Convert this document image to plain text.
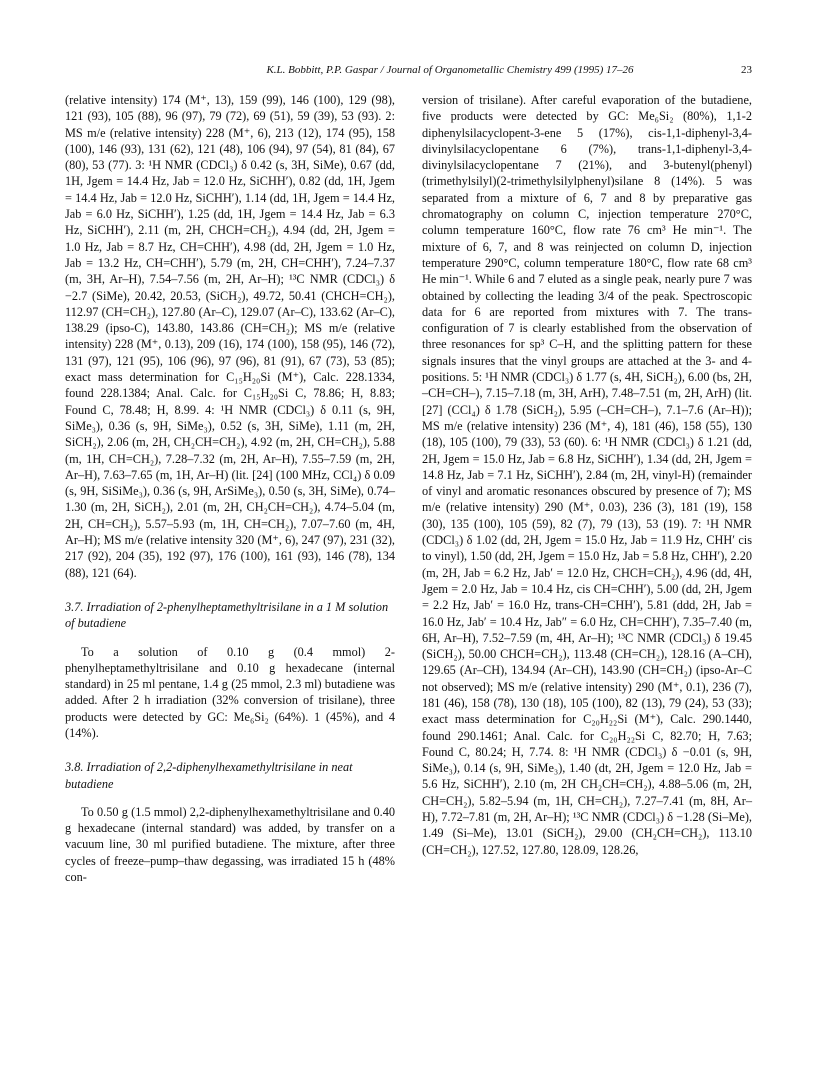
K.L. Bobbitt, P.P. Gaspar / Journal of Organometallic Chemistry 499 (1995) 17–26	23

(relative intensity) 174 (M⁺, 13), 159 (99), 146 (100), 129 (98), 121 (93), 105 (88), 96 (97), 79 (72), 69 (51), 59 (39), 53 (93). 2: MS m/e (relative intensity) 228 (M⁺, 6), 213 (12), 174 (95), 158 (100), 146 (93), 131 (62), 121 (48), 106 (94), 97 (54), 81 (84), 67 (80), 53 (77). 3: ¹H NMR (CDCl₃) δ 0.42 (s, 3H, SiMe), 0.67 (dd, 1H, Jgem = 14.4 Hz, Jab = 12.0 Hz, SiCHH′), 0.82 (dd, 1H, Jgem = 14.4 Hz, Jab = 12.0 Hz, SiCHH′), 1.14 (dd, 1H, Jgem = 14.4 Hz, Jab = 6.0 Hz, SiCHH′), 1.25 (dd, 1H, Jgem = 14.4 Hz, Jab = 6.3 Hz, SiCHH′), 2.11 (m, 2H, CHCH=CH₂), 4.94 (dd, 2H, Jgem = 1.0 Hz, Jab = 8.7 Hz, CH=CHH′), 4.98 (dd, 2H, Jgem = 1.0 Hz, Jab = 13.2 Hz, CH=CHH′), 5.79 (m, 2H, CH=CHH′), 7.24–7.37 (m, 3H, Ar–H), 7.54–7.56 (m, 2H, Ar–H); ¹³C NMR (CDCl₃) δ −2.7 (SiMe), 20.42, 20.53, (SiCH₂), 49.72, 50.41 (CHCH=CH₂), 112.97 (CH=CH₂), 127.80 (Ar–C), 129.07 (Ar–C), 133.62 (Ar–C), 138.29 (ipso-C), 143.80, 143.86 (CH=CH₂); MS m/e (relative intensity) 228 (M⁺, 0.13), 209 (16), 174 (100), 158 (95), 146 (72), 131 (97), 121 (95), 106 (96), 97 (96), 81 (91), 67 (73), 53 (85); exact mass determination for C₁₅H₂₀Si (M⁺), Calc. 228.1334, found 228.1384; Anal. Calc. for C₁₅H₂₀Si C, 78.86; H, 8.83; Found C, 78.48; H, 8.99. 4: ¹H NMR (CDCl₃) δ 0.11 (s, 9H, SiMe₃), 0.36 (s, 9H, SiMe₃), 0.52 (s, 3H, SiMe), 1.11 (m, 2H, SiCH₂), 2.06 (m, 2H, CH₂CH=CH₂), 4.92 (m, 2H, CH=CH₂), 5.88 (m, 1H, CH=CH₂), 7.28–7.32 (m, 2H, Ar–H), 7.55–7.59 (m, 2H, Ar–H), 7.63–7.65 (m, 1H, Ar–H) (lit. [24] (100 MHz, CCl₄) δ 0.09 (s, 9H, SiSiMe₃), 0.36 (s, 9H, ArSiMe₃), 0.50 (s, 3H, SiMe), 0.74–1.30 (m, 2H, SiCH₂), 2.01 (m, 2H, CH₂CH=CH₂), 4.74–5.04 (m, 2H, CH=CH₂), 5.57–5.93 (m, 1H, CH=CH₂), 7.07–7.60 (m, 4H, Ar–H); MS m/e (relative intensity 320 (M⁺, 6), 247 (97), 231 (32), 217 (92), 204 (35), 192 (97), 176 (100), 161 (93), 146 (78), 134 (88), 121 (64).

3.7. Irradiation of 2-phenylheptamethyltrisilane in a 1 M solution of butadiene

To a solution of 0.10 g (0.4 mmol) 2-phenylheptamethyltrisilane and 0.10 g hexadecane (internal standard) in 25 ml pentane, 1.4 g (25 mmol, 2.3 ml) butadiene was added. After 2 h irradiation (32% conversion of trisilane), three products were detected by GC: Me₆Si₂ (64%). 1 (45%), and 4 (14%).

3.8. Irradiation of 2,2-diphenylhexamethyltrisilane in neat butadiene

To 0.50 g (1.5 mmol) 2,2-diphenylhexamethyltrisilane and 0.40 g hexadecane (internal standard) was added, by transfer on a vacuum line, 30 ml purified butadiene. The mixture, after three cycles of freeze–pump–thaw degassing, was irradiated 15 h (48% con-

version of trisilane). After careful evaporation of the butadiene, five products were detected by GC: Me₆Si₂ (80%), 1,1-2 diphenylsilacyclopent-3-ene 5 (17%), cis-1,1-diphenyl-3,4-divinylsilacyclopentane 6 (7%), trans-1,1-diphenyl-3,4-divinylsilacyclopentane 7 (21%), and 3-butenyl(phenyl)(trimethylsilyl)(2-trimethylsilylphenyl)silane 8 (14%). 5 was separated from a mixture of 6, 7 and 8 by preparative gas chromatography on column C, injection temperature 270°C, column temperature 160°C, flow rate 76 cm³ He min⁻¹. The mixture of 6, 7, and 8 was reinjected on column D, injection temperature 290°C, column temperature 180°C, flow rate 68 cm³ He min⁻¹. While 6 and 7 eluted as a single peak, nearly pure 7 was obtained by collecting the leading 3/4 of the peak. Spectroscopic data for 6 are reported from mixtures with 7. The trans-configuration of 7 is clearly established from the observation of three resonances for sp³ C–H, and the splitting pattern for these signals insures that the vinyl groups are attached at the 3- and 4-positions. 5: ¹H NMR (CDCl₃) δ 1.77 (s, 4H, SiCH₂), 6.00 (bs, 2H, –CH=CH–), 7.15–7.18 (m, 3H, ArH), 7.48–7.51 (m, 2H, ArH) (lit. [27] (CCl₄) δ 1.78 (SiCH₂), 5.95 (–CH=CH–), 7.1–7.6 (Ar–H)); MS m/e (relative intensity) 236 (M⁺, 4), 181 (46), 158 (55), 130 (18), 105 (100), 79 (33), 53 (60). 6: ¹H NMR (CDCl₃) δ 1.21 (dd, 2H, Jgem = 15.0 Hz, Jab = 6.8 Hz, SiCHH′), 1.34 (dd, 2H, Jgem = 14.8 Hz, Jab = 7.1 Hz, SiCHH′), 2.84 (m, 2H, vinyl-H) (remainder of vinyl and aromatic resonances obscured by presence of 7); MS m/e (relative intensity) 290 (M⁺, 0.03), 236 (3), 181 (19), 158 (30), 135 (100), 105 (59), 82 (7), 79 (13), 53 (19). 7: ¹H NMR (CDCl₃) δ 1.02 (dd, 2H, Jgem = 15.0 Hz, Jab = 11.9 Hz, CHH′ cis to vinyl), 1.50 (dd, 2H, Jgem = 15.0 Hz, Jab = 5.8 Hz, CHH′), 2.20 (m, 2H, Jab = 6.2 Hz, Jab′ = 12.0 Hz, CHCH=CH₂), 4.96 (dd, 4H, Jgem = 2.0 Hz, Jab = 10.4 Hz, cis CH=CHH′), 5.00 (dd, 2H, Jgem = 2.2 Hz, Jab′ = 16.0 Hz, trans-CH=CHH′), 5.81 (ddd, 2H, Jab = 16.0 Hz, Jab′ = 10.4 Hz, Jab″ = 6.0 Hz, CH=CHH′), 7.35–7.40 (m, 6H, Ar–H), 7.52–7.59 (m, 4H, Ar–H); ¹³C NMR (CDCl₃) δ 19.45 (SiCH₂), 50.00 CHCH=CH₂), 113.48 (CH=CH₂), 128.16 (A–CH), 129.65 (Ar–CH), 134.94 (Ar–CH), 143.90 (CH=CH₂) (ipso-Ar–C not observed); MS m/e (relative intensity) 290 (M⁺, 0.1), 236 (7), 181 (46), 158 (78), 130 (18), 105 (100), 82 (13), 79 (24), 53 (33); exact mass determination for C₂₀H₂₂Si (M⁺), Calc. 290.1440, found 290.1461; Anal. Calc. for C₂₀H₂₂Si C, 82.70; H, 7.63; Found C, 80.24; H, 7.74. 8: ¹H NMR (CDCl₃) δ −0.01 (s, 9H, SiMe₃), 0.14 (s, 9H, SiMe₃), 1.40 (dt, 2H, Jgem = 12.0 Hz, Jab = 5.6 Hz, SiCHH′), 2.10 (m, 2H CH₂CH=CH₂), 4.88–5.06 (m, 2H, CH=CH₂), 5.82–5.94 (m, 1H, CH=CH₂), 7.27–7.41 (m, 8H, Ar–H), 7.72–7.81 (m, 2H, Ar–H); ¹³C NMR (CDCl₃) δ −1.28 (Si–Me), 1.49 (Si–Me), 13.01 (SiCH₂), 29.00 (CH₂CH=CH₂), 113.10 (CH=CH₂), 127.52, 127.80, 128.09, 128.26,
